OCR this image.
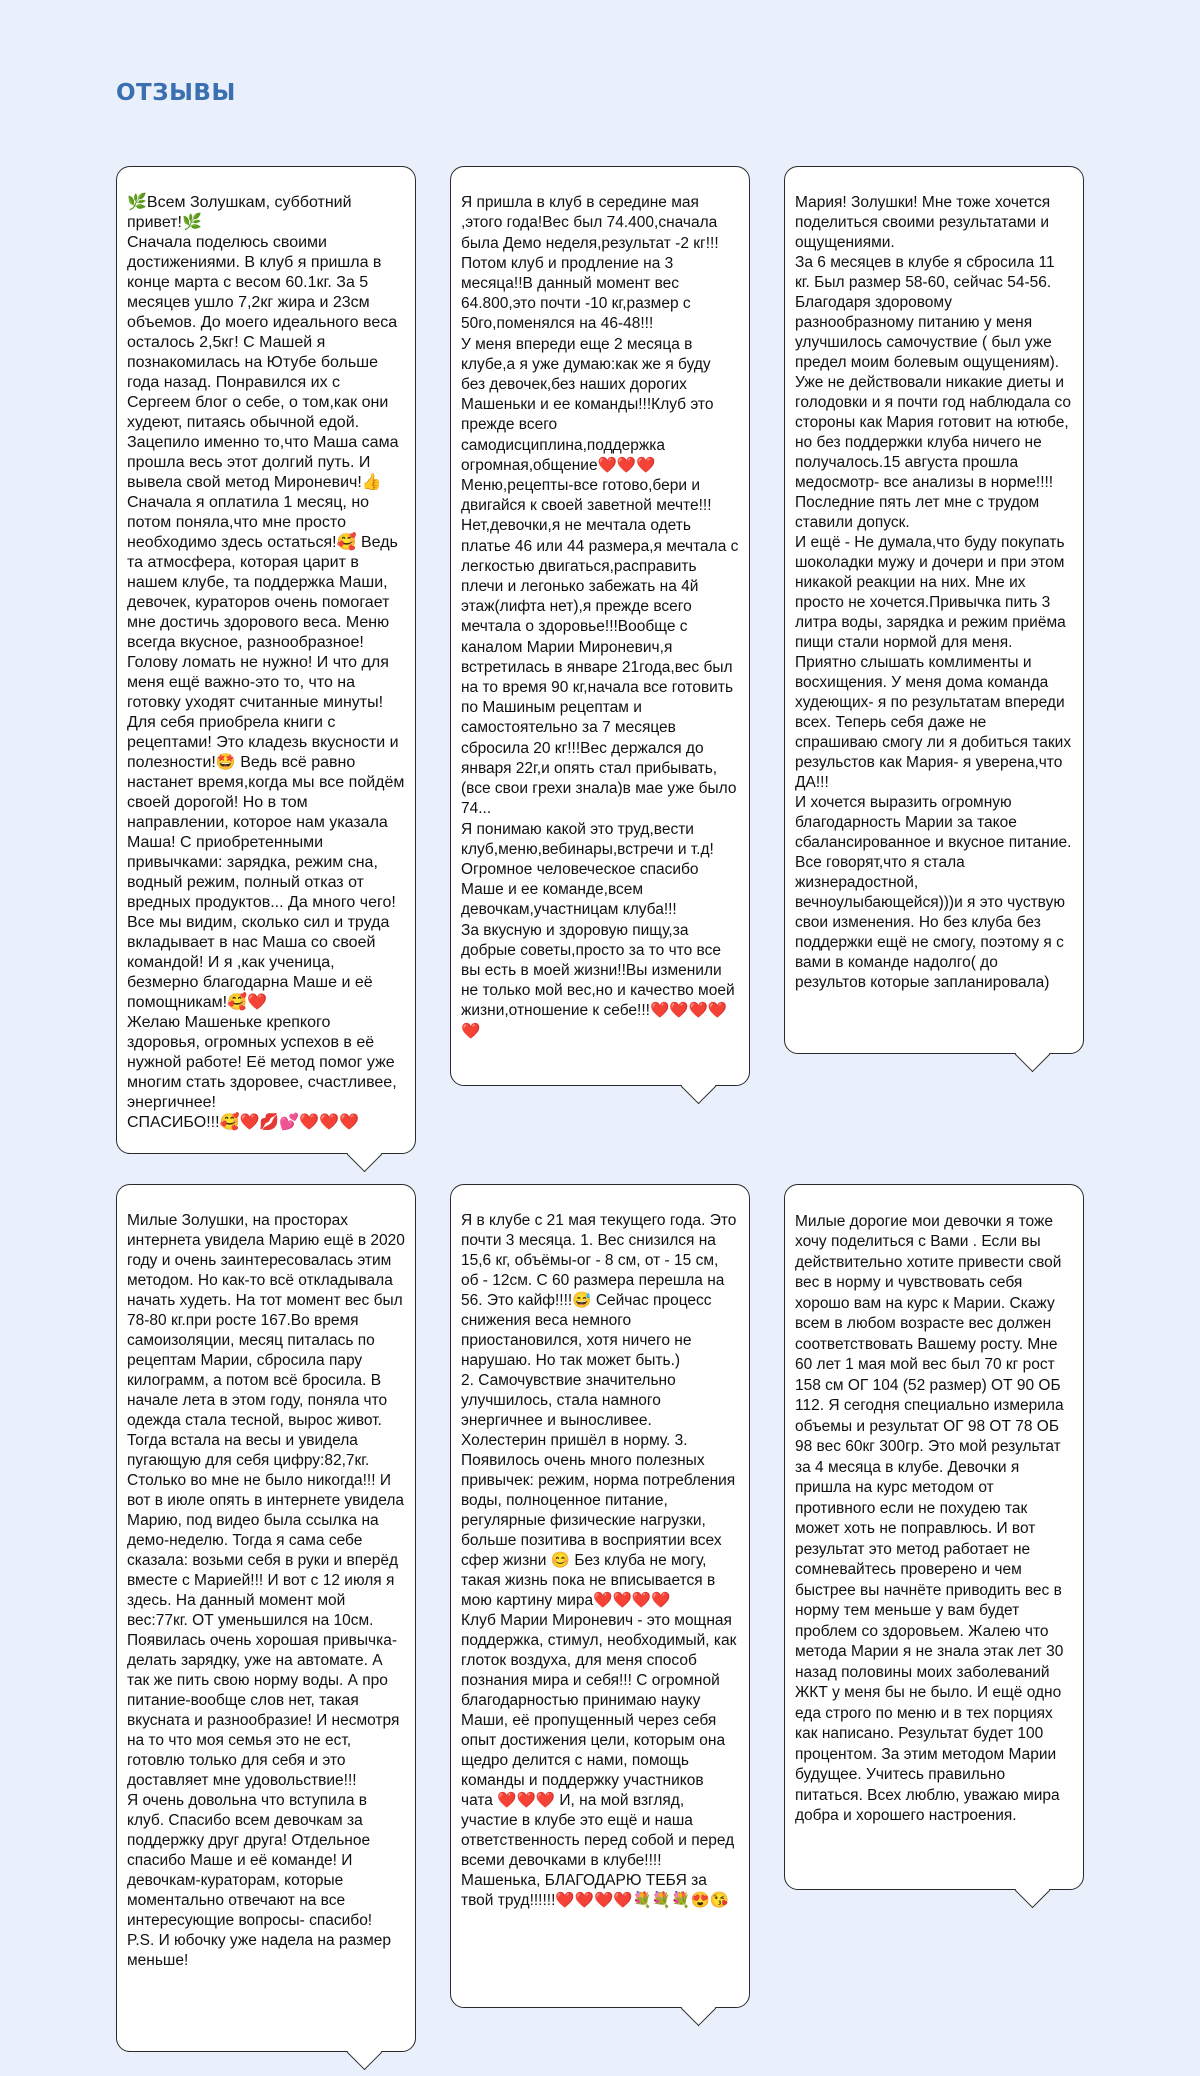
ОТЗЫВЫ

🌿Всем Золушкам, субботний привет!🌿
Сначала поделюсь своими достижениями. В клуб я пришла в конце марта с весом 60.1кг. За 5 месяцев ушло 7,2кг жира и 23см объемов. До моего идеального веса осталось 2,5кг! С Машей я познакомилась на Ютубе больше года назад. Понравился их с Сергеем блог о себе, о том,как они худеют, питаясь обычной едой. Зацепило именно то,что Маша сама прошла весь этот долгий путь. И вывела свой метод Мироневич!👍
Сначала я оплатила 1 месяц, но потом поняла,что мне просто необходимо здесь остаться!🥰 Ведь та атмосфера, которая царит в нашем клубе, та поддержка Маши, девочек, кураторов очень помогает мне достичь здорового веса. Меню всегда вкусное, разнообразное! Голову ломать не нужно! И что для меня ещё важно-это то, что на готовку уходят считанные минуты! Для себя приобрела книги с рецептами! Это кладезь вкусности и полезности!🤩 Ведь всё равно настанет время,когда мы все пойдём своей дорогой! Но в том направлении, которое нам указала Маша! С приобретенными привычками: зарядка, режим сна, водный режим, полный отказ от вредных продуктов... Да много чего!
Все мы видим, сколько сил и труда вкладывает в нас Маша со своей командой! И я ,как ученица, безмерно благодарна Маше и её помощникам!🥰❤️
Желаю Машеньке крепкого здоровья, огромных успехов в её нужной работе! Её метод помог уже многим стать здоровее, счастливее, энергичнее!
СПАСИБО!!!🥰❤️💋💕❤️❤️❤️

Я пришла в клуб в середине мая ,этого года!Вес был 74.400,сначала была Демо неделя,результат -2 кг!!!
Потом клуб и продление на 3 месяца!!В данный момент вес 64.800,это почти -10 кг,размер с 50го,поменялся на 46-48!!!
У меня впереди еще 2 месяца в клубе,а я уже думаю:как же я буду без девочек,без наших дорогих Машеньки и ее команды!!!Клуб это прежде всего самодисциплина,поддержка огромная,общение❤️❤️❤️
Меню,рецепты-все готово,бери и двигайся к своей заветной мечте!!!Нет,девочки,я не мечтала одеть платье 46 или 44 размера,я мечтала с легкостью двигаться,расправить плечи и легонько забежать на 4й этаж(лифта нет),я прежде всего мечтала о здоровье!!!Вообще с каналом Марии Мироневич,я встретилась в январе 21года,вес был на то время 90 кг,начала все готовить по Машиным рецептам и самостоятельно за 7 месяцев сбросила 20 кг!!!Вес держался до января 22г,и опять стал прибывать,(все свои грехи знала)в мае уже было 74...
Я понимаю какой это труд,вести клуб,меню,вебинары,встречи и т.д!Огромное человеческое спасибо Маше и ее команде,всем девочкам,участницам клуба!!!
За вкусную и здоровую пищу,за добрые советы,просто за то что все вы есть в моей жизни!!Вы изменили не только мой вес,но и качество моей жизни,отношение к себе!!!❤️❤️❤️❤️❤️

Мария! Золушки! Мне тоже хочется поделиться своими результатами и ощущениями.
За 6 месяцев в клубе я сбросила 11 кг. Был размер 58-60, сейчас 54-56. Благодаря здоровому разнообразному питанию у меня улучшилось самочуствие ( был уже предел моим болевым ощущениям).
Уже не действовали никакие диеты и голодовки и я почти год наблюдала со стороны как Мария готовит на ютюбе, но без поддержки клуба ничего не получалось.15 августа прошла медосмотр- все анализы в норме!!!! Последние пять лет мне с трудом ставили допуск.
И ещё - Не думала,что буду покупать шоколадки мужу и дочери и при этом никакой реакции на них. Мне их просто не хочется.Привычка пить 3 литра воды, зарядка и режим приёма пищи стали нормой для меня.
Приятно слышать комлименты и восхищения. У меня дома команда худеющих- я по результатам впереди всех. Теперь себя даже не спрашиваю смогу ли я добиться таких резульстов как Мария- я уверена,что ДА!!!
И хочется выразить огромную благодарность Марии за такое сбалансированное и вкусное питание. Все говорят,что я стала жизнерадостной, вечноулыбающейся)))и я это чуствую свои изменения. Но без клуба без поддержки ещё не смогу, поэтому я с вами в команде надолго( до результов которые запланировала)

Милые Золушки, на просторах интернета увидела Марию ещё в 2020 году и очень заинтересовалась этим методом. Но как-то всё откладывала начать худеть. На тот момент вес был 78-80 кг.при росте 167.Во время самоизоляции, месяц питалась по рецептам Марии, сбросила пару килограмм, а потом всё бросила. В начале лета в этом году, поняла что одежда стала тесной, вырос живот. Тогда встала на весы и увидела пугающую для себя цифру:82,7кг. Столько во мне не было никогда!!! И вот в июле опять в интернете увидела Марию, под видео была ссылка на демо-неделю. Тогда я сама себе сказала: возьми себя в руки и вперёд вместе с Марией!!! И вот с 12 июля я здесь. На данный момент мой вес:77кг. ОТ уменьшился на 10см. Появилась очень хорошая привычка-делать зарядку, уже на автомате. А так же пить свою норму воды. А про питание-вообще слов нет, такая вкусната и разнообразие! И несмотря на то что моя семья это не ест, готовлю только для себя и это доставляет мне удовольствие!!!
Я очень довольна что вступила в клуб. Спасибо всем девочкам за поддержку друг друга! Отдельное спасибо Маше и её команде! И девочкам-кураторам, которые моментально отвечают на все интересующие вопросы- спасибо!
P.S. И юбочку уже надела на размер меньше!

Я в клубе с 21 мая текущего года. Это почти 3 месяца. 1. Вес снизился на 15,6 кг, объёмы-ог - 8 см, от - 15 см, об - 12см. С 60 размера перешла на 56. Это кайф!!!!😅 Сейчас процесс снижения веса немного приостановился, хотя ничего не нарушаю. Но так может быть.)
2. Самочувствие значительно улучшилось, стала намного энергичнее и выносливее. Холестерин пришёл в норму. 3. Появилось очень много полезных привычек: режим, норма потребления воды, полноценное питание, регулярные физические нагрузки, больше позитива в восприятии всех сфер жизни 😊 Без клуба не могу, такая жизнь пока не вписывается в мою картину мира❤️❤️❤️❤️
Клуб Марии Мироневич - это мощная поддержка, стимул, необходимый, как глоток воздуха, для меня способ познания мира и себя!!! С огромной благодарностью принимаю науку Маши, её пропущенный через себя опыт достижения цели, которым она щедро делится с нами, помощь команды и поддержку участников чата ❤️❤️❤️ И, на мой взгляд, участие в клубе это ещё и наша ответственность перед собой и перед всеми девочками в клубе!!!! Машенька, БЛАГОДАРЮ ТЕБЯ за твой труд!!!!!!❤️❤️❤️❤️💐💐💐😍😘

Милые дорогие мои девочки я тоже хочу поделиться с Вами . Если вы действительно хотите привести свой вес в норму и чувствовать себя хорошо вам на курс к Марии. Скажу всем в любом возрасте вес должен соответствовать Вашему росту. Мне 60 лет 1 мая мой вес был 70 кг рост 158 см ОГ 104 (52 размер) ОТ 90 ОБ 112. Я сегодня специально измерила объемы и результат ОГ 98 ОТ 78 ОБ 98 вес 60кг 300гр. Это мой результат за 4 месяца в клубе. Девочки я пришла на курс методом от противного если не похудею так может хоть не поправлюсь. И вот результат это метод работает не сомневайтесь проверено и чем быстрее вы начнёте приводить вес в норму тем меньше у вам будет проблем со здоровьем. Жалею что метода Марии я не знала этак лет 30 назад половины моих заболеваний ЖКТ у меня бы не было. И ещё одно еда строго по меню и в тех порциях как написано. Результат будет 100 процентом. За этим методом Марии будущее. Учитесь правильно питаться. Всех люблю, уважаю мира добра и хорошего настроения.
